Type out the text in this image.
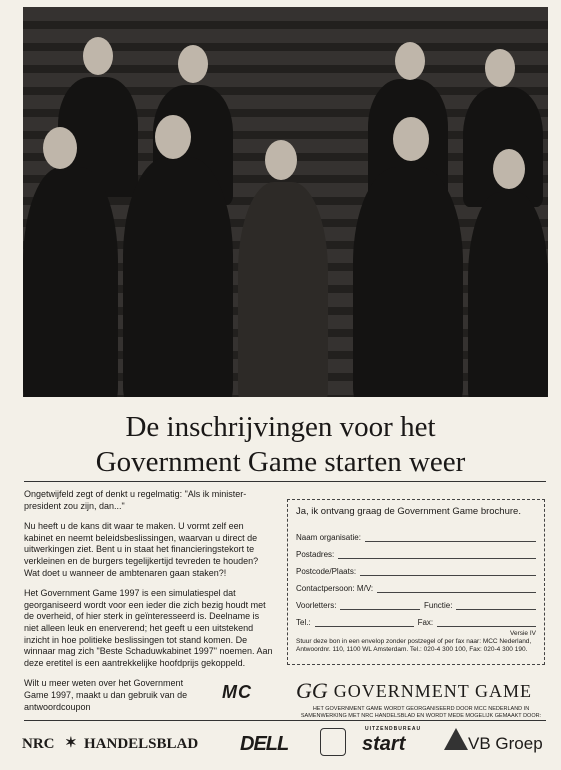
De inschrijvingen voor het
Government Game starten weer

Ongetwijfeld zegt of denkt u regelmatig: "Als ik minister-president zou zijn, dan..."

Nu heeft u de kans dit waar te maken. U vormt zelf een kabinet en neemt beleidsbeslissingen, waarvan u direct de uitwerkingen ziet. Bent u in staat het financieringstekort te verkleinen en de burgers tegelijkertijd tevreden te houden? Wat doet u wanneer de ambtenaren gaan staken?!

Het Government Game 1997 is een simulatiespel dat georganiseerd wordt voor een ieder die zich bezig houdt met de overheid, of hier sterk in geïnteresseerd is. Deelname is niet alleen leuk en enerverend; het geeft u een uitstekend inzicht in hoe politieke beslissingen tot stand komen. De winnaar mag zich "Beste Schaduwkabinet 1997" noemen. Aan deze eretitel is een aantrekkelijke hoofdprijs gekoppeld.

Wilt u meer weten over het Government Game 1997, maakt u dan gebruik van de antwoordcoupon

M C

Ja, ik ontvang graag de Government Game brochure.

Naam organisatie:
Postadres:
Postcode/Plaats:
Contactpersoon: M/V:
Voorletters:	Functie:
Tel.:	Fax:
Versie IV
Stuur deze bon in een envelop zonder postzegel of per fax naar: MCC Nederland, Antwoordnr. 110, 1100 WL Amsterdam. Tel.: 020-4 300 100, Fax: 020-4 300 190.
GG GOVERNMENT GAME
HET GOVERNMENT GAME WORDT GEORGANISEERD DOOR MCC NEDERLAND IN SAMENWERKING MET NRC HANDELSBLAD EN WORDT MEDE MOGELIJK GEMAAKT DOOR:
NRC ✶ HANDELSBLAD DELL
UITZENDBUREAU
start	VB Groep
